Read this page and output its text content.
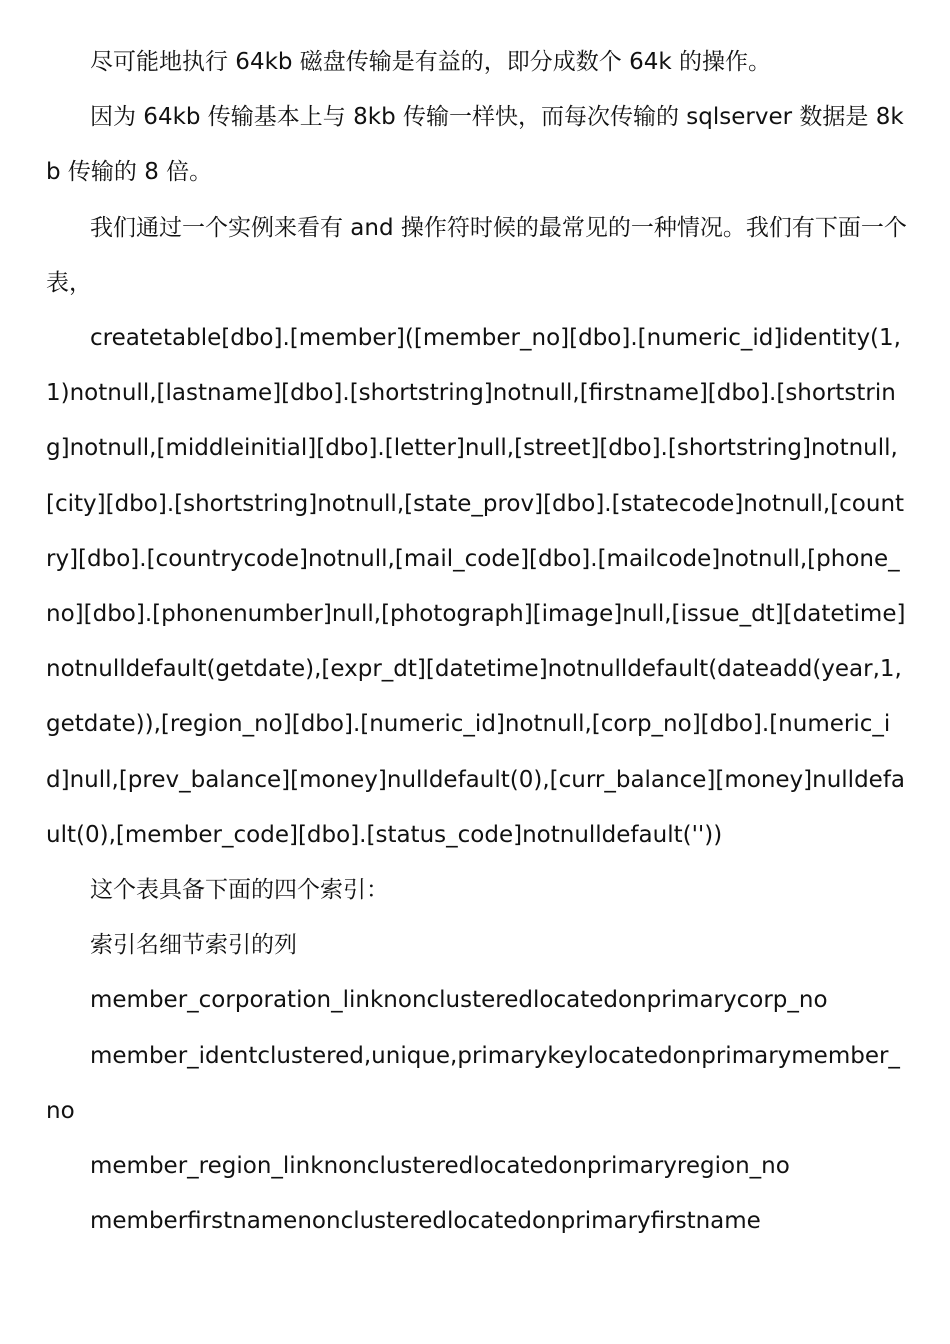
尽可能地执行 64kb 磁盘传输是有益的，即分成数个 64k 的操作。

因为 64kb 传输基本上与 8kb 传输一样快，而每次传输的 sqlserver 数据是 8kb 传输的 8 倍。

我们通过一个实例来看有 and 操作符时候的最常见的一种情况。我们有下面一个表，

createtable[dbo].[member]([member_no][dbo].[numeric_id]identity(1,1)notnull,[lastname][dbo].[shortstring]notnull,[firstname][dbo].[shortstring]notnull,[middleinitial][dbo].[letter]null,[street][dbo].[shortstring]notnull,[city][dbo].[shortstring]notnull,[state_prov][dbo].[statecode]notnull,[country][dbo].[countrycode]notnull,[mail_code][dbo].[mailcode]notnull,[phone_no][dbo].[phonenumber]null,[photograph][image]null,[issue_dt][datetime]notnulldefault(getdate),[expr_dt][datetime]notnulldefault(dateadd(year,1,getdate)),[region_no][dbo].[numeric_id]notnull,[corp_no][dbo].[numeric_id]null,[prev_balance][money]nulldefault(0),[curr_balance][money]nulldefault(0),[member_code][dbo].[status_code]notnulldefault(''))

这个表具备下面的四个索引：

索引名细节索引的列

member_corporation_linknonclusteredlocatedonprimarycorp_no

member_identclustered,unique,primarykeylocatedonprimarymember_no

member_region_linknonclusteredlocatedonprimaryregion_no

memberfirstnamenonclusteredlocatedonprimaryfirstname
